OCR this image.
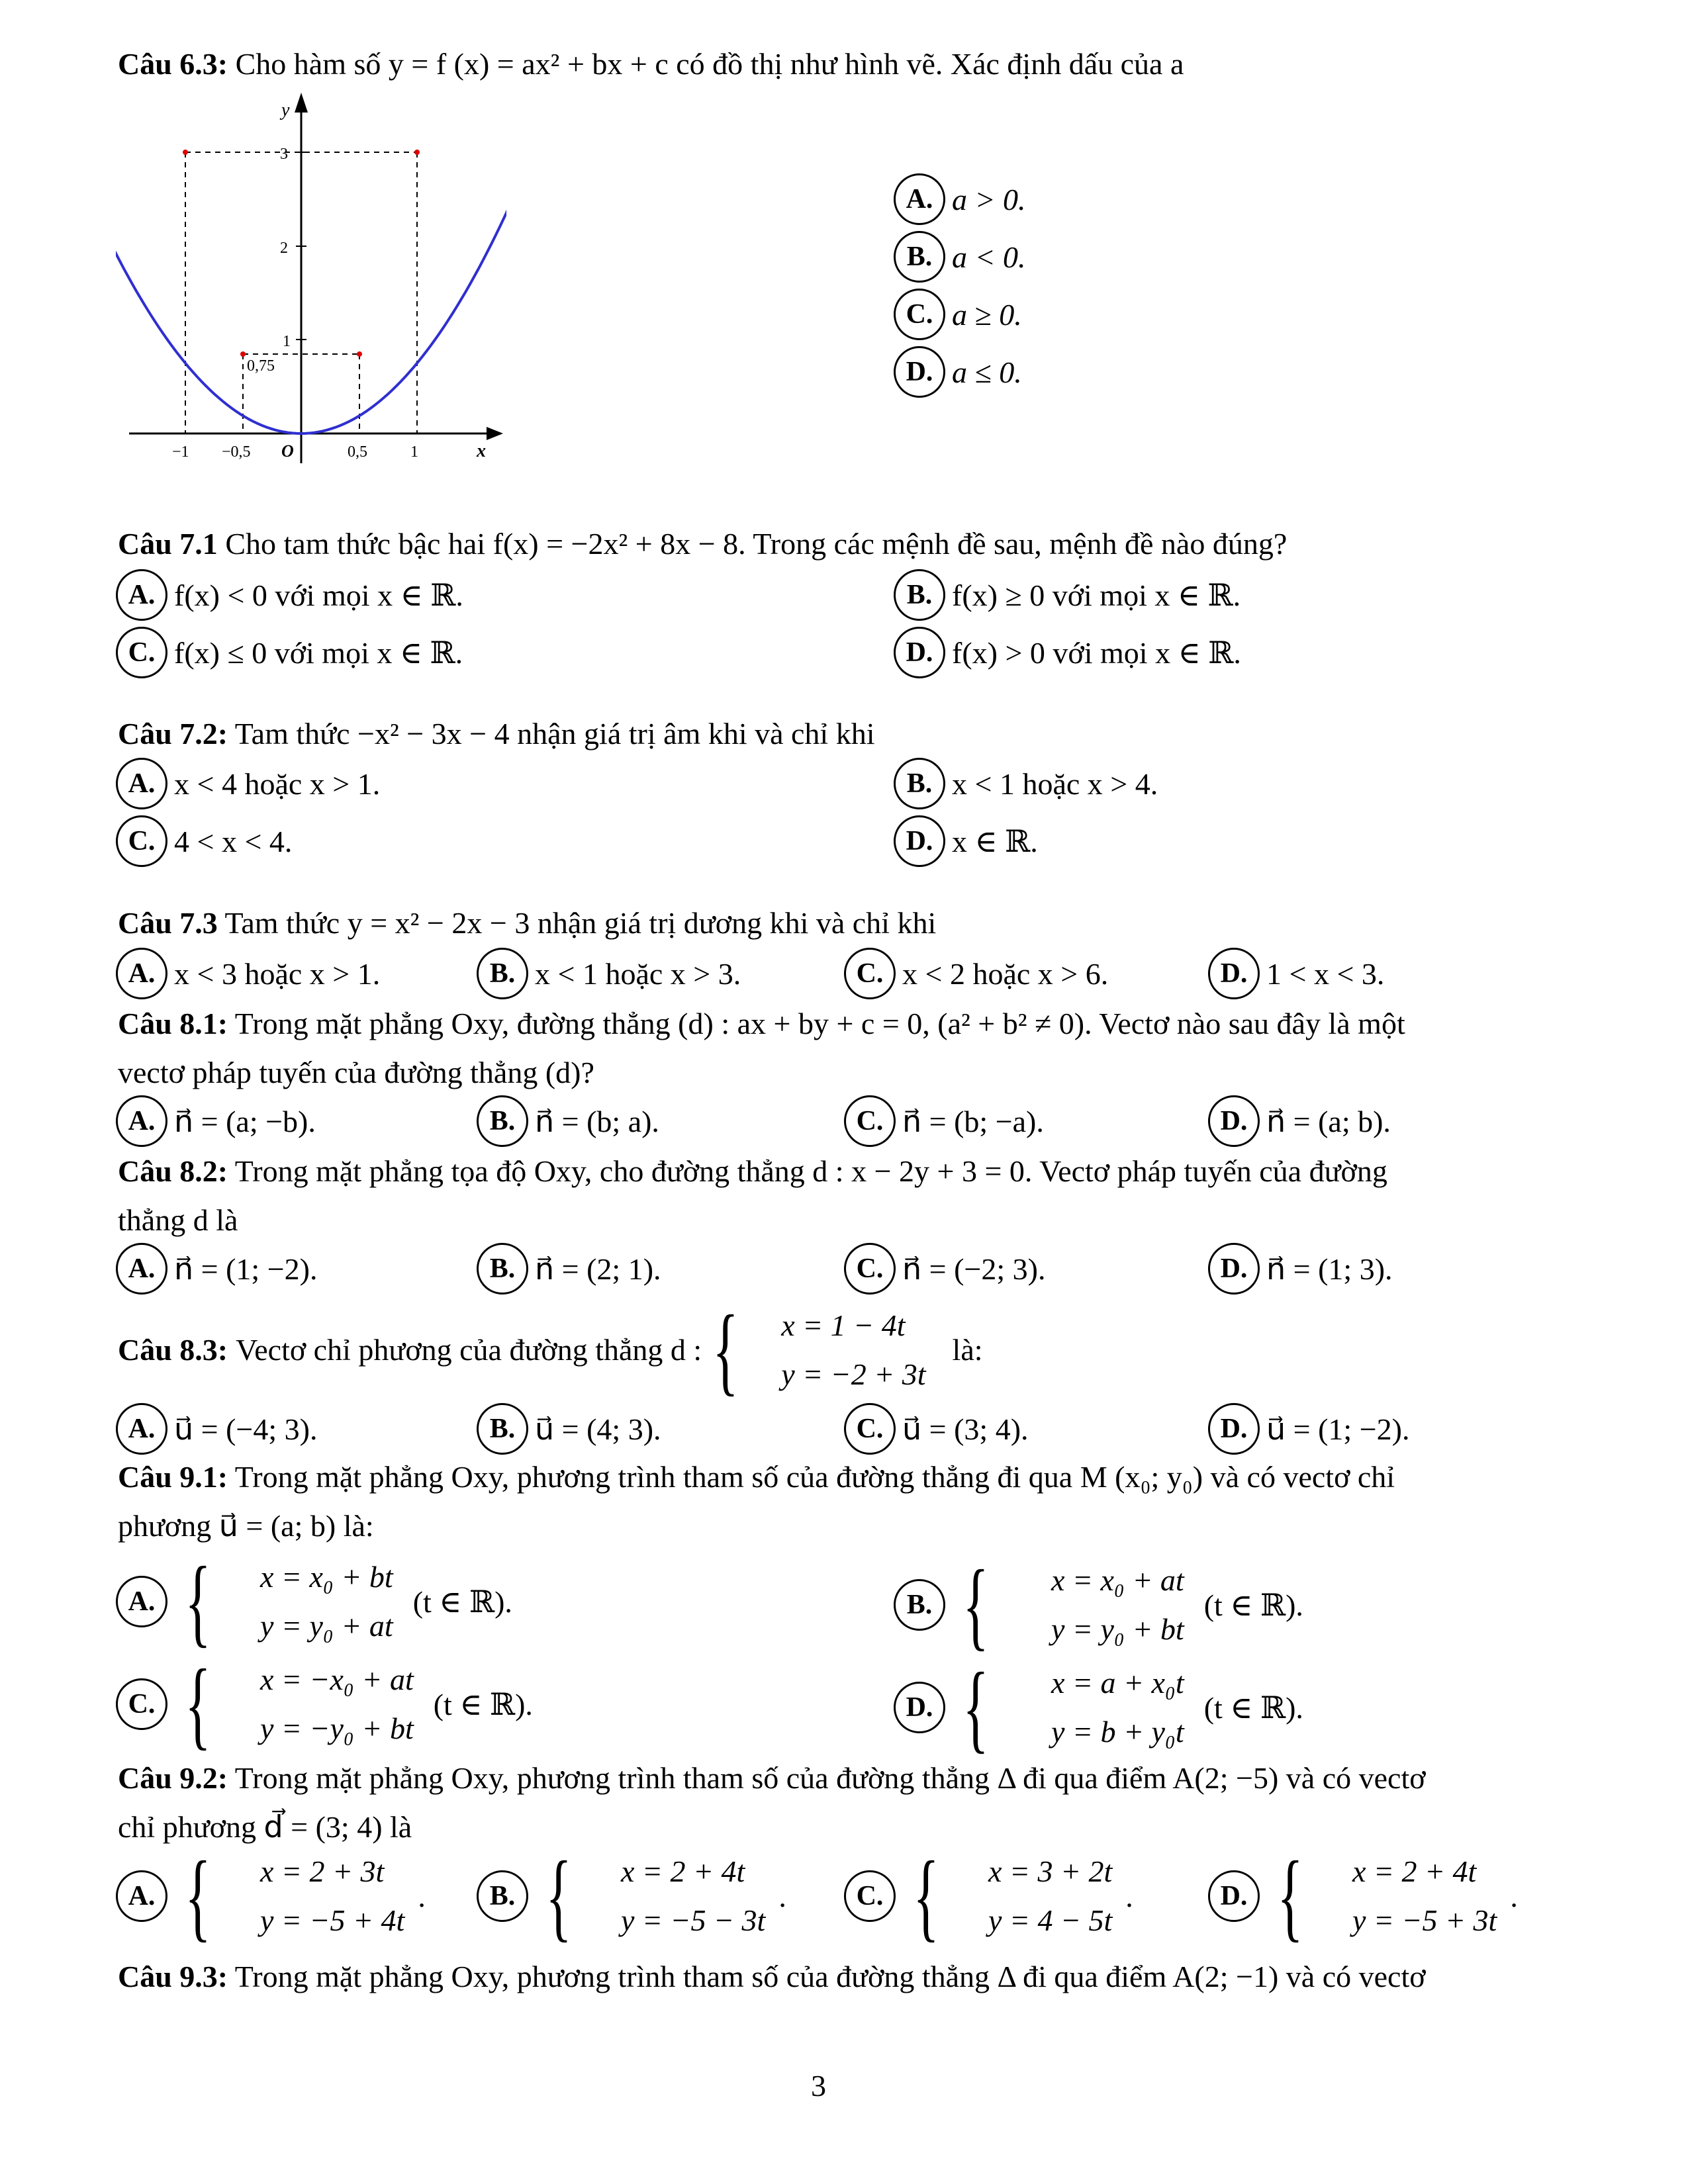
Câu 6.3: Cho hàm số y = f (x) = ax² + bx + c có đồ thị như hình vẽ. Xác định dấu của a
y
x
O
3
2
1
0,75
−1 −0,5	0,5	1
A. a > 0.
B. a < 0.
C. a ≥ 0.
D. a ≤ 0.
Câu 7.1 Cho tam thức bậc hai f(x) = −2x² + 8x − 8. Trong các mệnh đề sau, mệnh đề nào đúng?
A. f(x) < 0 với mọi x ∈ ℝ.	B. f(x) ≥ 0 với mọi x ∈ ℝ.
C. f(x) ≤ 0 với mọi x ∈ ℝ.	D. f(x) > 0 với mọi x ∈ ℝ.
Câu 7.2: Tam thức −x² − 3x − 4 nhận giá trị âm khi và chỉ khi
A. x < 4 hoặc x > 1.	B. x < 1 hoặc x > 4.
C. 4 < x < 4.	D. x ∈ ℝ.
Câu 7.3 Tam thức y = x² − 2x − 3 nhận giá trị dương khi và chỉ khi
A. x < 3 hoặc x > 1.	B. x < 1 hoặc x > 3.	C. x < 2 hoặc x > 6.	D. 1 < x < 3.
Câu 8.1: Trong mặt phẳng Oxy, đường thẳng (d) : ax + by + c = 0, (a² + b² ≠ 0). Vectơ nào sau đây là một
vectơ pháp tuyến của đường thẳng (d)?
A. n⃗ = (a; −b).	B. n⃗ = (b; a).	C. n⃗ = (b; −a).	D. n⃗ = (a; b).
Câu 8.2: Trong mặt phẳng tọa độ Oxy, cho đường thẳng d : x − 2y + 3 = 0. Vectơ pháp tuyến của đường
thẳng d là
A. n⃗ = (1; −2).	B. n⃗ = (2; 1).	C. n⃗ = (−2; 3).	D. n⃗ = (1; 3).
Câu 8.3: Vectơ chỉ phương của đường thẳng d : { x = 1 − 4t
y = −2 + 3t
là:
A. u⃗ = (−4; 3).	B. u⃗ = (4; 3).	C. u⃗ = (3; 4).	D. u⃗ = (1; −2).
Câu 9.1: Trong mặt phẳng Oxy, phương trình tham số của đường thẳng đi qua M (x₀; y₀) và có vectơ chỉ
phương u⃗ = (a; b) là:
A. { x = x₀ + bt
y = y₀ + at
(t ∈ ℝ).	B. { x = x₀ + at
y = y₀ + bt
(t ∈ ℝ).
C. { x = −x₀ + at
y = −y₀ + bt
(t ∈ ℝ).	D. { x = a + x₀t
y = b + y₀t
(t ∈ ℝ).
Câu 9.2: Trong mặt phẳng Oxy, phương trình tham số của đường thẳng Δ đi qua điểm A(2; −5) và có vectơ
chỉ phương d⃗ = (3; 4) là
A. { x = 2 + 3t
y = −5 + 4t
.	B. { x = 2 + 4t
y = −5 − 3t
.	C. { x = 3 + 2t
y = 4 − 5t
.	D. { x = 2 + 4t
y = −5 + 3t
.
Câu 9.3: Trong mặt phẳng Oxy, phương trình tham số của đường thẳng Δ đi qua điểm A(2; −1) và có vectơ
3
